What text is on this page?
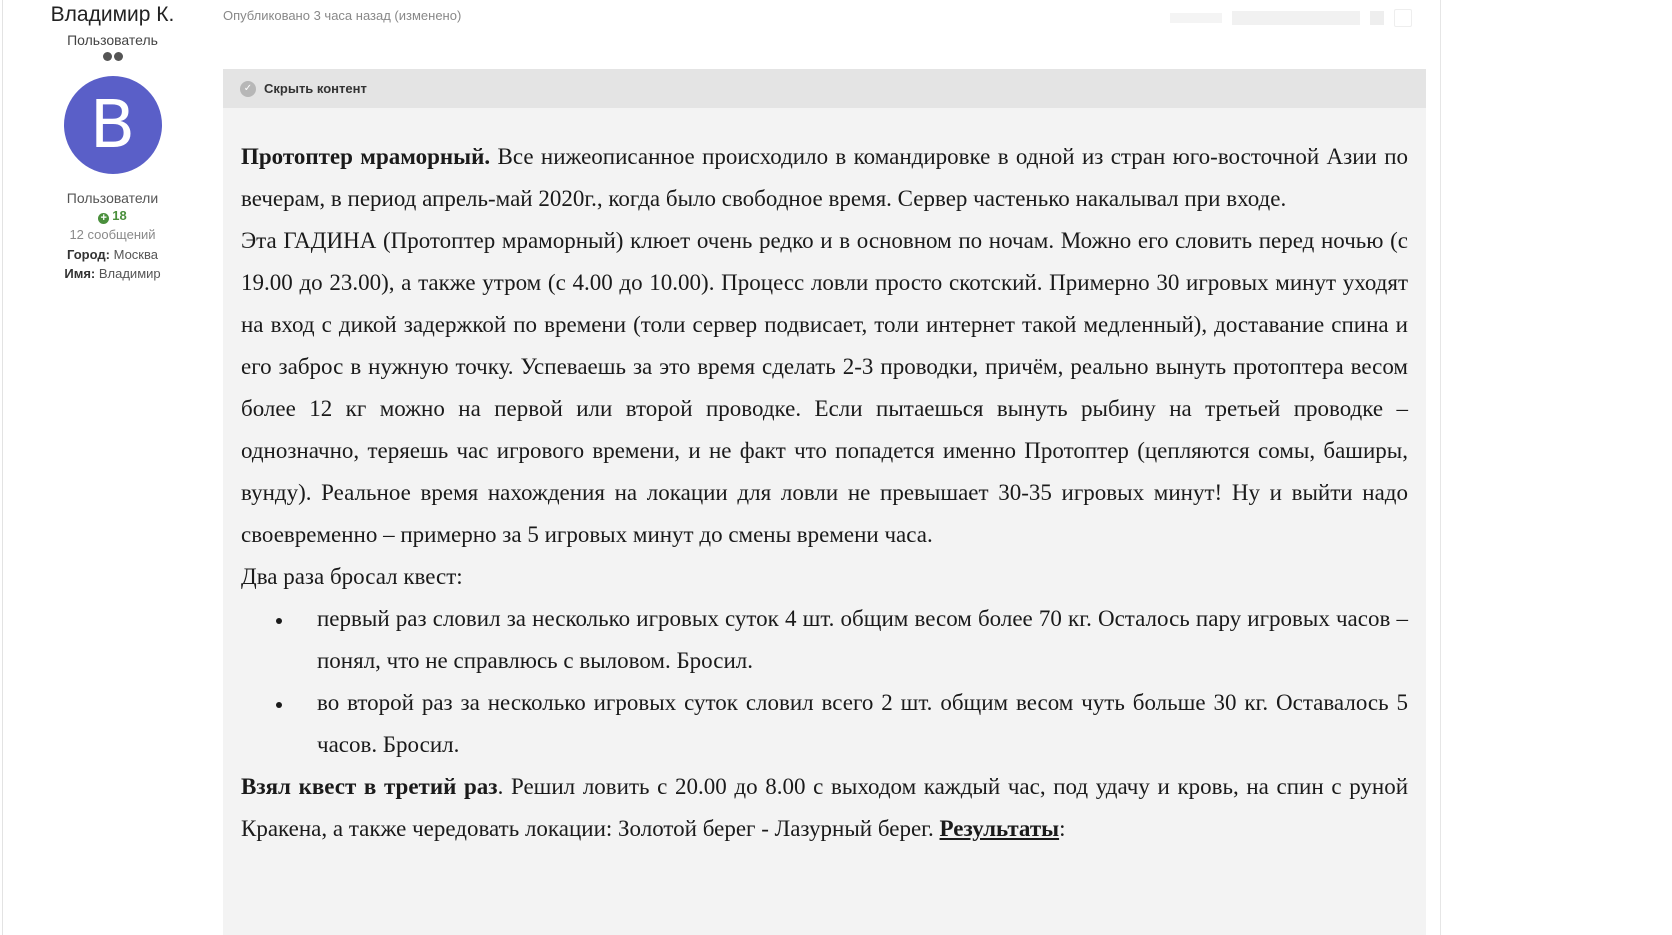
Владимир К.
Пользователь
B
Пользователи
+ 18
12 сообщений
Город: Москва
Имя: Владимир
Опубликовано 3 часа назад (изменено)
✓ Скрыть контент

Протоптер мраморный. Все нижеописанное происходило в командировке в одной из стран юго-восточной Азии по вечерам, в период апрель-май 2020г., когда было свободное время. Сервер частенько накалывал при входе.

Эта ГАДИНА (Протоптер мраморный) клюет очень редко и в основном по ночам. Можно его словить перед ночью (с 19.00 до 23.00), а также утром (с 4.00 до 10.00). Процесс ловли просто скотский. Примерно 30 игровых минут уходят на вход с дикой задержкой по времени (толи сервер подвисает, толи интернет такой медленный), доставание спина и его заброс в нужную точку. Успеваешь за это время сделать 2-3 проводки, причём, реально вынуть протоптера весом более 12 кг можно на первой или второй проводке. Если пытаешься вынуть рыбину на третьей проводке – однозначно, теряешь час игрового времени, и не факт что попадется именно Протоптер (цепляются сомы, баширы, вунду). Реальное время нахождения на локации для ловли не превышает 30-35 игровых минут! Ну и выйти надо своевременно – примерно за 5 игровых минут до смены времени часа.

Два раза бросал квест:

• первый раз словил за несколько игровых суток 4 шт. общим весом более 70 кг. Осталось пару игровых часов – понял, что не справлюсь с выловом. Бросил.
• во второй раз за несколько игровых суток словил всего 2 шт. общим весом чуть больше 30 кг. Оставалось 5 часов. Бросил.

Взял квест в третий раз. Решил ловить с 20.00 до 8.00 с выходом каждый час, под удачу и кровь, на спин с руной Кракена, а также чередовать локации: Золотой берег - Лазурный берег. Результаты:
